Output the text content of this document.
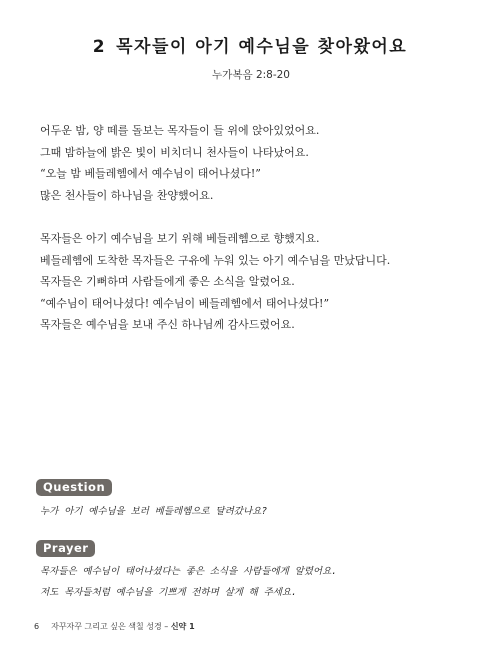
2 목자들이 아기 예수님을 찾아왔어요
누가복음 2:8-20

어두운 밤, 양 떼를 돌보는 목자들이 들 위에 앉아있었어요.
그때 밤하늘에 밝은 빛이 비치더니 천사들이 나타났어요.
“오늘 밤 베들레헴에서 예수님이 태어나셨다!”
많은 천사들이 하나님을 찬양했어요.

목자들은 아기 예수님을 보기 위해 베들레헴으로 향했지요.
베들레헴에 도착한 목자들은 구유에 누워 있는 아기 예수님을 만났답니다.
목자들은 기뻐하며 사람들에게 좋은 소식을 알렸어요.
“예수님이 태어나셨다! 예수님이 베들레헴에서 태어나셨다!”
목자들은 예수님을 보내 주신 하나님께 감사드렸어요.

Question
누가 아기 예수님을 보러 베들레헴으로 달려갔나요?
Prayer
목자들은 예수님이 태어나셨다는 좋은 소식을 사람들에게 알렸어요.
저도 목자들처럼 예수님을 기쁘게 전하며 살게 해 주세요.
6 자꾸자꾸 그리고 싶은 색칠 성경 – 신약 1
